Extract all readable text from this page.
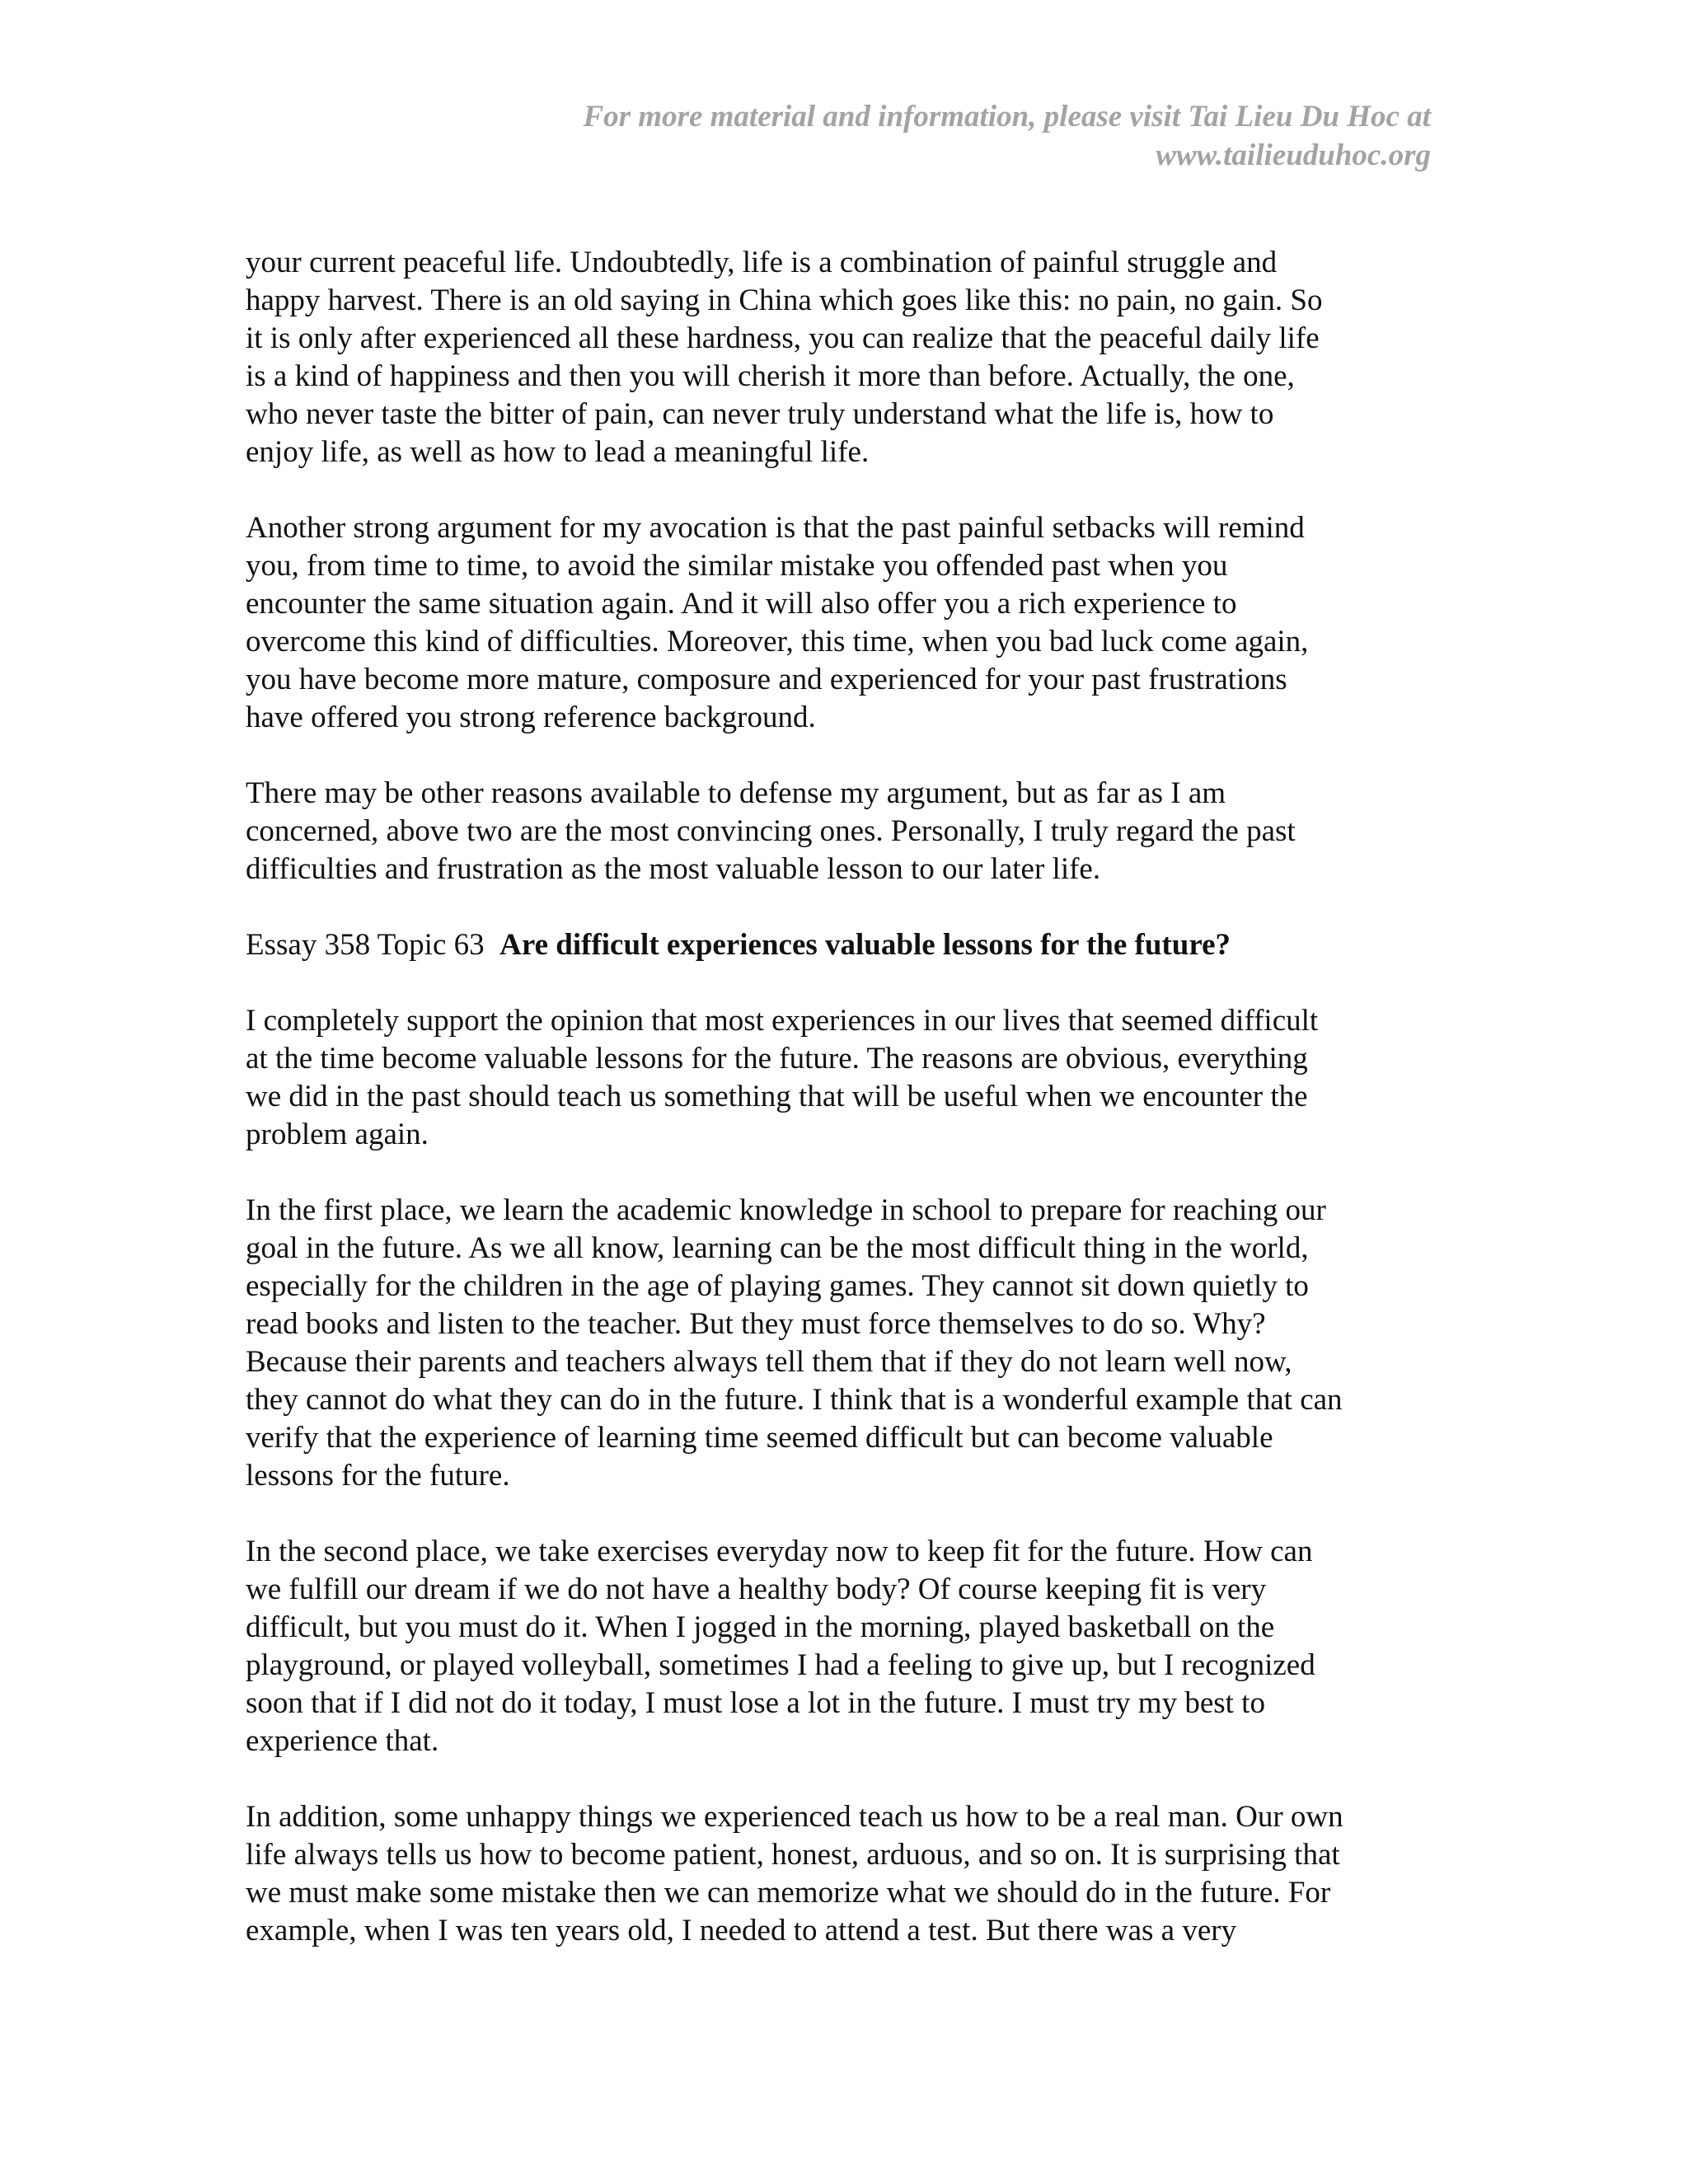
For more material and information, please visit Tai Lieu Du Hoc at
www.tailieuduhoc.org
your current peaceful life. Undoubtedly, life is a combination of painful struggle and
happy harvest. There is an old saying in China which goes like this: no pain, no gain. So
it is only after experienced all these hardness, you can realize that the peaceful daily life
is a kind of happiness and then you will cherish it more than before. Actually, the one,
who never taste the bitter of pain, can never truly understand what the life is, how to
enjoy life, as well as how to lead a meaningful life.
Another strong argument for my avocation is that the past painful setbacks will remind
you, from time to time, to avoid the similar mistake you offended past when you
encounter the same situation again. And it will also offer you a rich experience to
overcome this kind of difficulties. Moreover, this time, when you bad luck come again,
you have become more mature, composure and experienced for your past frustrations
have offered you strong reference background.
There may be other reasons available to defense my argument, but as far as I am
concerned, above two are the most convincing ones. Personally, I truly regard the past
difficulties and frustration as the most valuable lesson to our later life.
Essay 358 Topic 63 Are difficult experiences valuable lessons for the future?
I completely support the opinion that most experiences in our lives that seemed difficult
at the time become valuable lessons for the future. The reasons are obvious, everything
we did in the past should teach us something that will be useful when we encounter the
problem again.
In the first place, we learn the academic knowledge in school to prepare for reaching our
goal in the future. As we all know, learning can be the most difficult thing in the world,
especially for the children in the age of playing games. They cannot sit down quietly to
read books and listen to the teacher. But they must force themselves to do so. Why?
Because their parents and teachers always tell them that if they do not learn well now,
they cannot do what they can do in the future. I think that is a wonderful example that can
verify that the experience of learning time seemed difficult but can become valuable
lessons for the future.
In the second place, we take exercises everyday now to keep fit for the future. How can
we fulfill our dream if we do not have a healthy body? Of course keeping fit is very
difficult, but you must do it. When I jogged in the morning, played basketball on the
playground, or played volleyball, sometimes I had a feeling to give up, but I recognized
soon that if I did not do it today, I must lose a lot in the future. I must try my best to
experience that.
In addition, some unhappy things we experienced teach us how to be a real man. Our own
life always tells us how to become patient, honest, arduous, and so on. It is surprising that
we must make some mistake then we can memorize what we should do in the future. For
example, when I was ten years old, I needed to attend a test. But there was a very
